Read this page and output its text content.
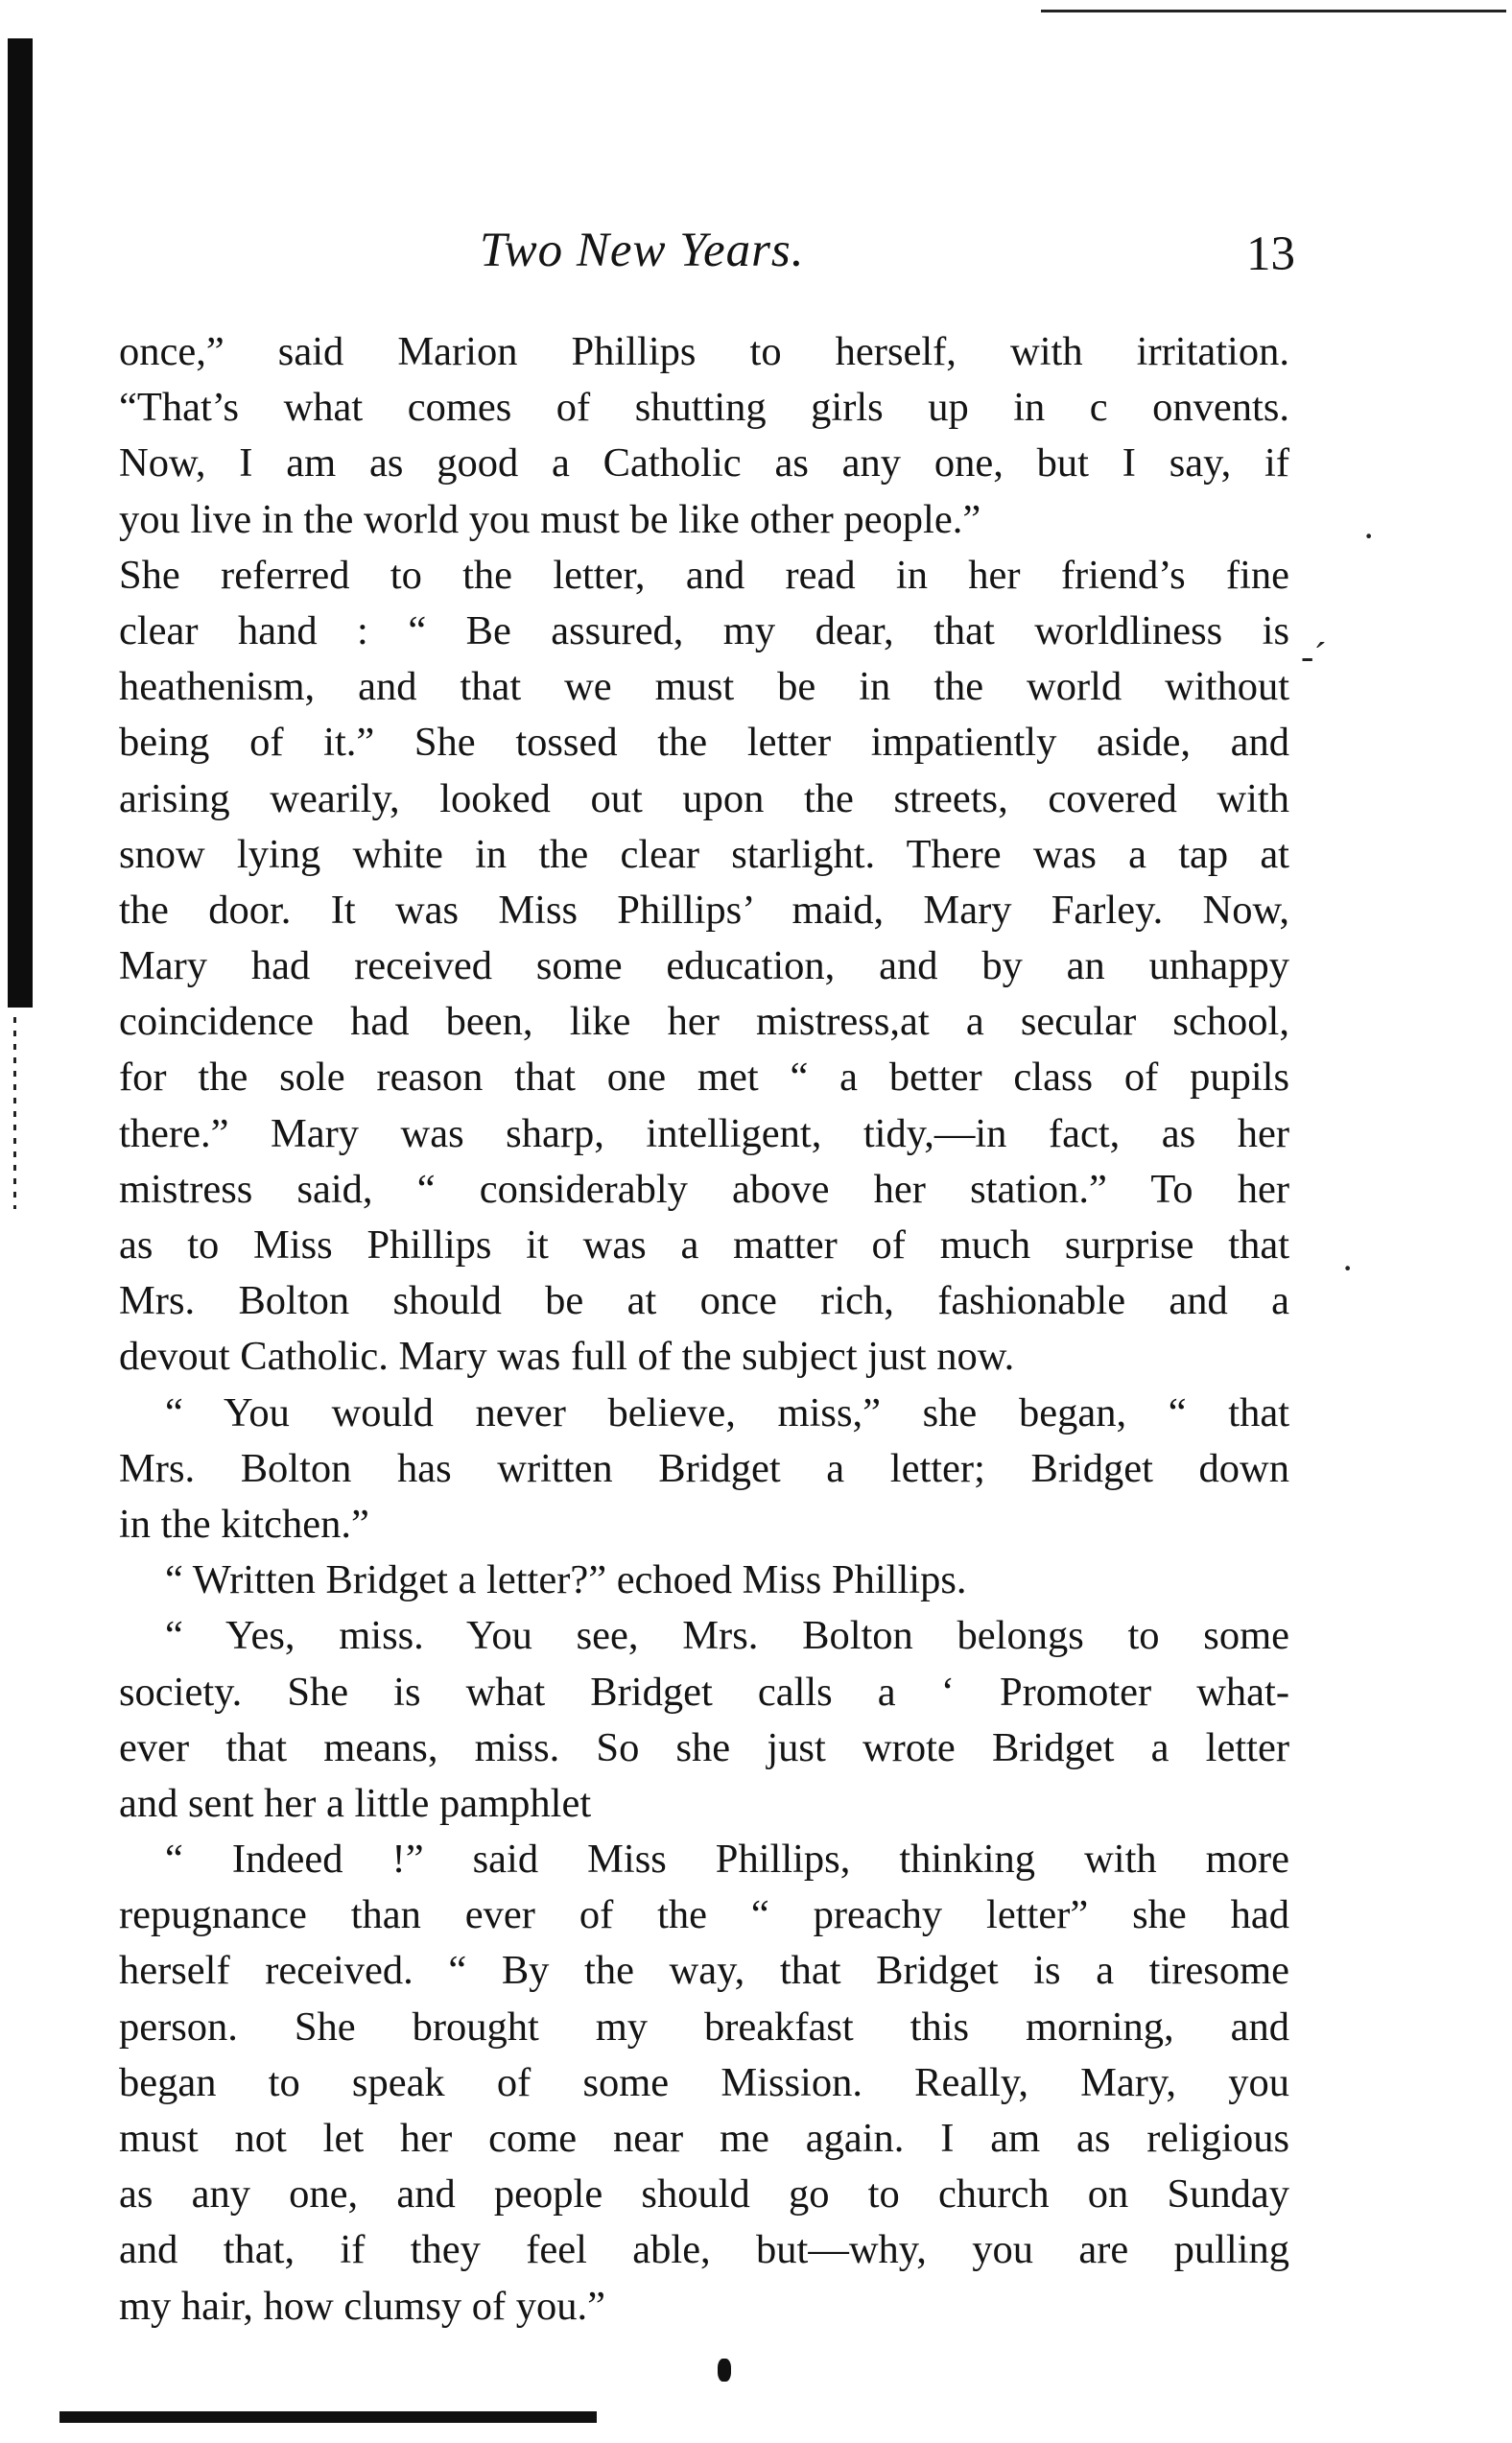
Two New Years.	13
once,” said Marion Phillips to herself, with irritation.
“That’s what comes of shutting girls up in c onvents.
Now, I am as good a Catholic as any one, but I say, if
you live in the world you must be like other people.”
She referred to the letter, and read in her friend’s fine
clear hand : “ Be assured, my dear, that worldliness is
heathenism, and that we must be in the world without
being of it.” She tossed the letter impatiently aside, and
arising wearily, looked out upon the streets, covered with
snow lying white in the clear starlight. There was a tap at
the door. It was Miss Phillips’ maid, Mary Farley. Now,
Mary had received some education, and by an unhappy
coincidence had been, like her mistress,at a secular school,
for the sole reason that one met “ a better class of pupils
there.” Mary was sharp, intelligent, tidy,—in fact, as her
mistress said, “ considerably above her station.” To her
as to Miss Phillips it was a matter of much surprise that
Mrs. Bolton should be at once rich, fashionable and a
devout Catholic. Mary was full of the subject just now.
“ You would never believe, miss,” she began, “ that
Mrs. Bolton has written Bridget a letter; Bridget down
in the kitchen.”
“ Written Bridget a letter?” echoed Miss Phillips.
“ Yes, miss. You see, Mrs. Bolton belongs to some
society. She is what Bridget calls a ‘ Promoter what-
ever that means, miss. So she just wrote Bridget a letter
and sent her a little pamphlet
“ Indeed !” said Miss Phillips, thinking with more
repugnance than ever of the “ preachy letter” she had
herself received. “ By the way, that Bridget is a tiresome
person. She brought my breakfast this morning, and
began to speak of some Mission. Really, Mary, you
must not let her come near me again. I am as religious
as any one, and people should go to church on Sunday
and that, if they feel able, but—why, you are pulling
my hair, how clumsy of you.”
·
-´
·
